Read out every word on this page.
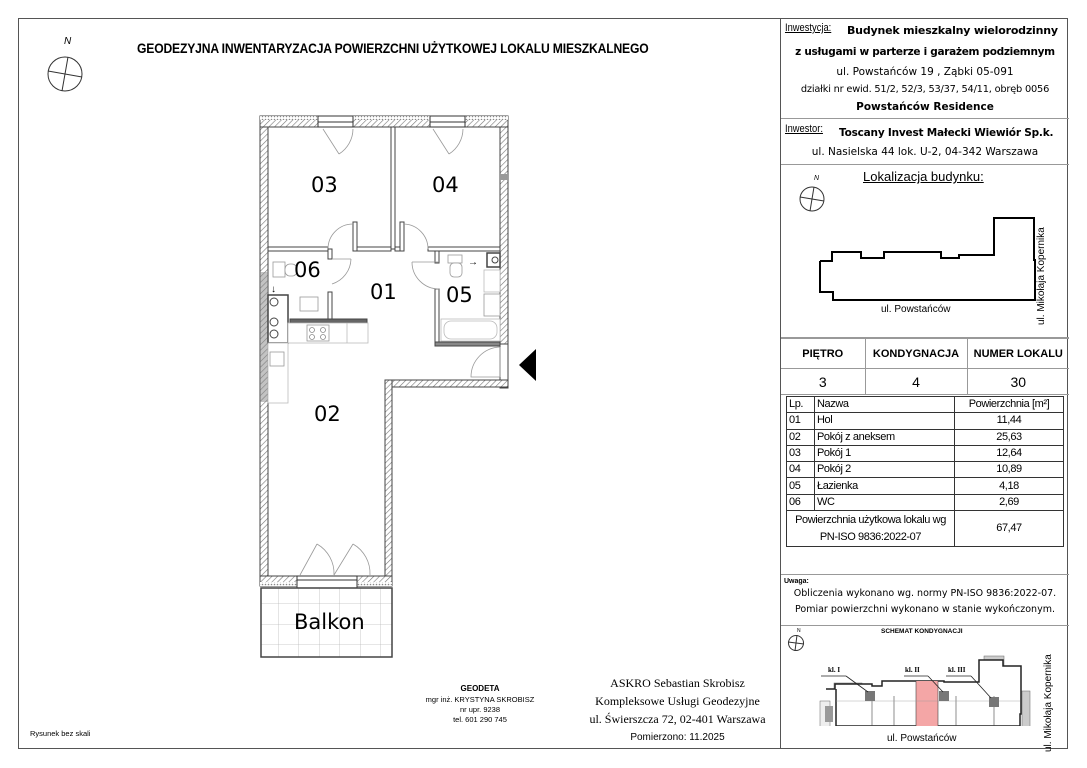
N	GEODEZYJNA INWENTARYZACJA POWIERZCHNI UŻYTKOWEJ LOKALU MIESZKALNEGO
↓
→
03	04
06
01 05
02
Balkon
Inwestycja: Budynek mieszkalny wielorodzinny
z usługami w parterze i garażem podziemnym
ul. Powstańców 19 , Ząbki 05-091
działki nr ewid. 51/2, 52/3, 53/37, 54/11, obręb 0056
Powstańców Residence
Inwestor: Toscany Invest Małecki Wiewiór Sp.k.
ul. Nasielska 44 lok. U-2, 04-342 Warszawa
Lokalizacja budynku:
N
ul. Powstańców	ul. Mikołaja Kopernika
PIĘTRO	KONDYGNACJA	NUMER LOKALU
3	4	30
Lp.	Nazwa	Powierzchnia [m²]
01	Hol	11,44
02	Pokój z aneksem	25,63
03	Pokój 1	12,64
04	Pokój 2	10,89
05	Łazienka	4,18
06	WC	2,69

Powierzchnia użytkowa lokalu wg
PN-ISO 9836:2022-07		67,47
Uwaga:
Obliczenia wykonano wg. normy PN-ISO 9836:2022-07.
Pomiar powierzchni wykonano w stanie wykończonym.
SCHEMAT KONDYGNACJI
N
kl. I	kl. II	kl. III
ul. Powstańców	ul. Mikołaja Kopernika
Rysunek bez skali
GEODETA
mgr inż. KRYSTYNA SKROBISZ
nr upr. 9238
tel. 601 290 745
ASKRO Sebastian Skrobisz
Kompleksowe Usługi Geodezyjne
ul. Świerszcza 72, 02-401 Warszawa
Pomierzono: 11.2025
